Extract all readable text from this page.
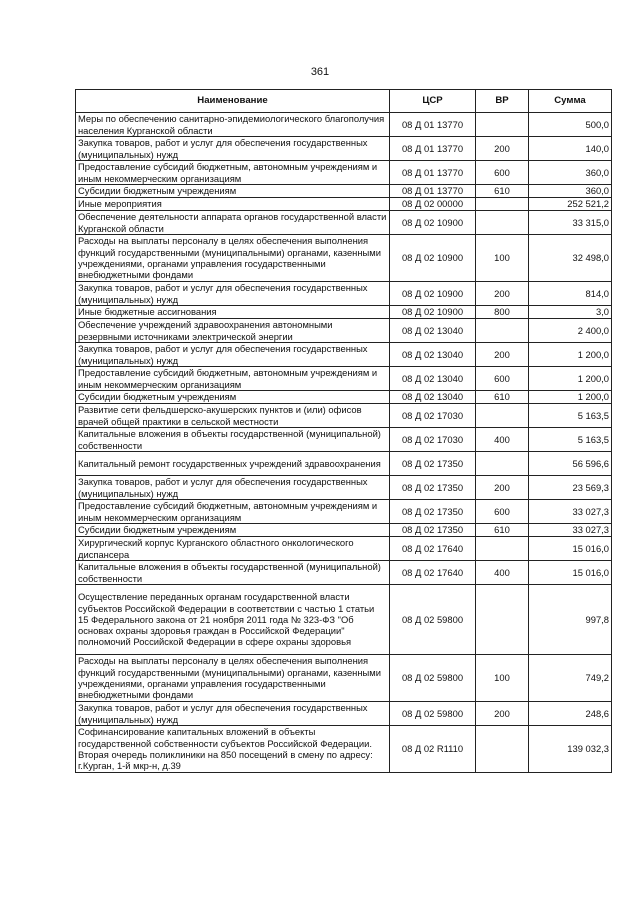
361
Наименование	ЦСР	ВР	Сумма
Меры по обеспечению санитарно-эпидемиологического благополучия населения Курганской области	08 Д 01 13770		500,0
Закупка товаров, работ и услуг для обеспечения государственных (муниципальных) нужд	08 Д 01 13770	200	140,0
Предоставление субсидий бюджетным, автономным учреждениям и иным некоммерческим организациям	08 Д 01 13770	600	360,0
Субсидии бюджетным учреждениям	08 Д 01 13770	610	360,0
Иные мероприятия	08 Д 02 00000		252 521,2
Обеспечение деятельности аппарата органов государственной власти Курганской области	08 Д 02 10900		33 315,0
Расходы на выплаты персоналу в целях обеспечения выполнения функций государственными (муниципальными) органами, казенными учреждениями, органами управления государственными внебюджетными фондами	08 Д 02 10900	100	32 498,0
Закупка товаров, работ и услуг для обеспечения государственных (муниципальных) нужд	08 Д 02 10900	200	814,0
Иные бюджетные ассигнования	08 Д 02 10900	800	3,0
Обеспечение учреждений здравоохранения автономными резервными источниками электрической энергии	08 Д 02 13040		2 400,0
Закупка товаров, работ и услуг для обеспечения государственных (муниципальных) нужд	08 Д 02 13040	200	1 200,0
Предоставление субсидий бюджетным, автономным учреждениям и иным некоммерческим организациям	08 Д 02 13040	600	1 200,0
Субсидии бюджетным учреждениям	08 Д 02 13040	610	1 200,0
Развитие сети фельдшерско-акушерских пунктов и (или) офисов врачей общей практики в сельской местности	08 Д 02 17030		5 163,5
Капитальные вложения в объекты государственной (муниципальной) собственности	08 Д 02 17030	400	5 163,5
Капитальный ремонт государственных учреждений здравоохранения	08 Д 02 17350		56 596,6
Закупка товаров, работ и услуг для обеспечения государственных (муниципальных) нужд	08 Д 02 17350	200	23 569,3
Предоставление субсидий бюджетным, автономным учреждениям и иным некоммерческим организациям	08 Д 02 17350	600	33 027,3
Субсидии бюджетным учреждениям	08 Д 02 17350	610	33 027,3
Хирургический корпус Курганского областного онкологического диспансера	08 Д 02 17640		15 016,0
Капитальные вложения в объекты государственной (муниципальной) собственности	08 Д 02 17640	400	15 016,0
Осуществление переданных органам государственной власти субъектов Российской Федерации в соответствии с частью 1 статьи 15 Федерального закона от 21 ноября 2011 года № 323-ФЗ "Об основах охраны здоровья граждан в Российской Федерации" полномочий Российской Федерации в сфере охраны здоровья	08 Д 02 59800		997,8
Расходы на выплаты персоналу в целях обеспечения выполнения функций государственными (муниципальными) органами, казенными учреждениями, органами управления государственными внебюджетными фондами	08 Д 02 59800	100	749,2
Закупка товаров, работ и услуг для обеспечения государственных (муниципальных) нужд	08 Д 02 59800	200	248,6
Софинансирование капитальных вложений в объекты государственной собственности субъектов Российской Федерации. Вторая очередь поликлиники на 850 посещений в смену по адресу: г.Курган, 1-й мкр-н, д.39	08 Д 02 R1110		139 032,3
